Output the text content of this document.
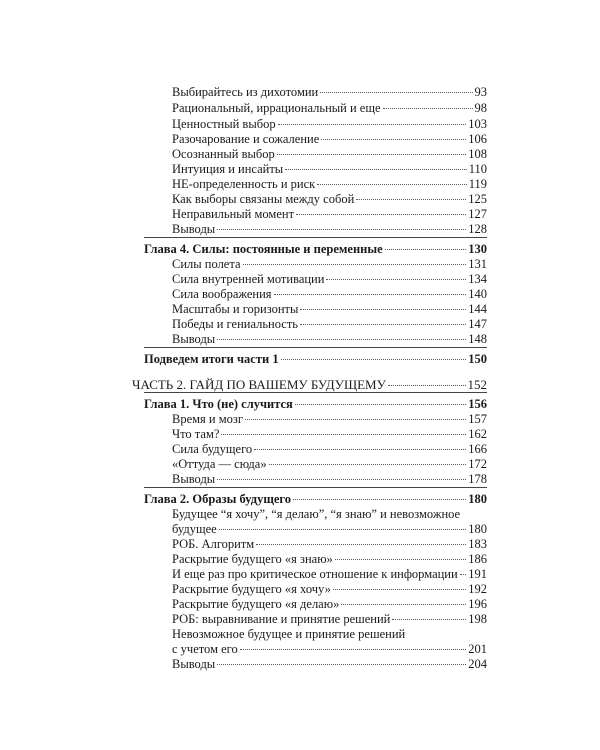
Выбирайтесь из дихотомии	93
Рациональный, иррациональный и еще	98
Ценностный выбор	103
Разочарование и сожаление	106
Осознанный выбор	108
Интуиция и инсайты	110
НЕ-определенность и риск	119
Как выборы связаны между собой	125
Неправильный момент	127
Выводы	128
Глава 4. Силы: постоянные и переменные	130
Силы полета	131
Сила внутренней мотивации	134
Сила воображения	140
Масштабы и горизонты	144
Победы и гениальность	147
Выводы	148
Подведем итоги части 1	150
ЧАСТЬ 2. ГАЙД ПО ВАШЕМУ БУДУЩЕМУ	152
Глава 1. Что (не) случится	156
Время и мозг	157
Что там?	162
Сила будущего	166
«Оттуда — сюда»	172
Выводы	178
Глава 2. Образы будущего	180
Будущее “я хочу”, “я делаю”, “я знаю” и невозможное
будущее	180
РОБ. Алгоритм	183
Раскрытие будущего «я знаю»	186
И еще раз про критическое отношение к информации 191
Раскрытие будущего «я хочу»	192
Раскрытие будущего «я делаю»	196
РОБ: выравнивание и принятие решений	198
Невозможное будущее и принятие решений
с учетом его	201
Выводы	204
